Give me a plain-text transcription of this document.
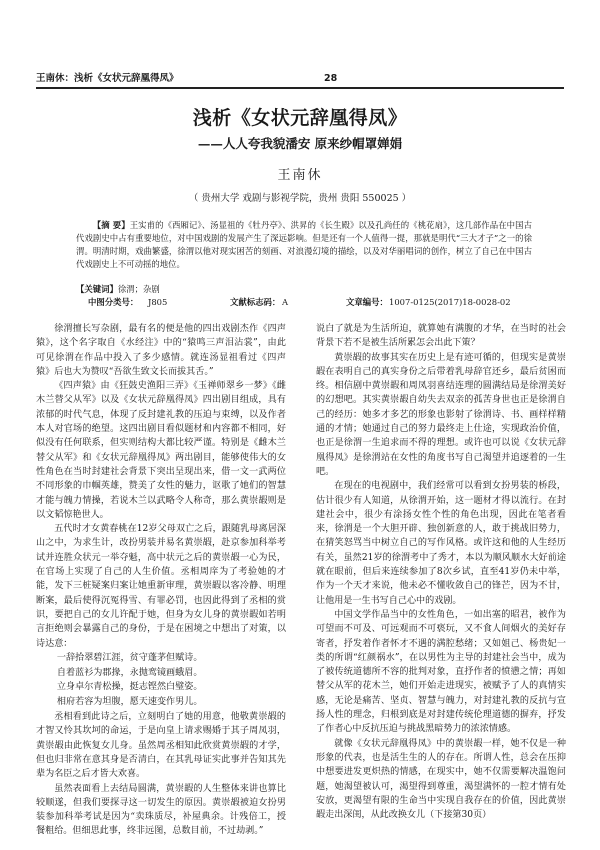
王南休：浅析《女状元辞凰得凤》	28
浅析《女状元辞凰得凤》
——人人夸我貌潘安 原来纱帽罩婵娟
王南休
（ 贵州大学 戏剧与影视学院，贵州 贵阳 550025 ）
【摘 要】王实甫的《西厢记》、汤显祖的《牡丹亭》、洪昇的《长生殿》以及孔尚任的《桃花扇》，这几部作品在中国古代戏剧史中占有重要地位，对中国戏剧的发展产生了深远影响。但是还有一个人值得一提，那就是明代“三大才子”之一的徐渭。明清时期，戏曲繁盛，徐渭以他对现实困苦的刻画、对浪漫幻境的描绘，以及对华丽唱词的创作，树立了自己在中国古代戏剧史上不可动摇的地位。
【关键词】徐渭；杂剧
中图分类号： J805	文献标志码： A	文章编号： 1007-0125(2017)18-0028-02

徐渭擅长写杂剧，最有名的便是他的四出戏剧杰作《四声猿》，这个名字取自《水经注》中的“猿鸣三声泪沾裳”，由此可见徐渭在作品中投入了多少感情。就连汤显祖看过《四声猿》后也大为赞叹“吾欲生致文长而拔其舌。”

《四声猿》由《狂鼓史渔阳三弄》《玉禅师翠乡一梦》《雌木兰替父从军》以及《女状元辞凰得凤》四出剧目组成，具有浓郁的时代气息，体现了反封建礼教的压迫与束缚，以及作者本人对官场的绝望。这四出剧目看似题材和内容都不相同，好似没有任何联系，但实则结构大都比较严谨。特别是《雌木兰替父从军》和《女状元辞凰得凤》两出剧目，能够使伟大的女性角色在当时封建社会背景下突出呈现出来，借一文一武两位不同形象的巾帼英雄，赞美了女性的魅力，讴歌了她们的智慧才能与魄力情操，若说木兰以武略令人称奇，那么黄崇嘏则是以文韬惊艳世人。

五代时才女黄春桃在12岁父母双亡之后，跟随乳母离居深山之中，为求生计，改扮男装并易名黄崇嘏，赴京参加科举考试并连胜众状元一举夺魁，高中状元之后的黄崇嘏一心为民，在官场上实现了自己的人生价值。丞相周庠为了考验她的才能，发下三桩疑案归案让她重新审理，黄崇嘏以客冷静、明理断案，最后使得沉冤得雪、有罪必罚，也因此得到了丞相的赏识，要把自己的女儿许配于她，但身为女儿身的黄崇嘏如若明言拒绝则会暴露自己的身份，于是在困境之中想出了对策，以诗达意：

一辞拾翠碧江涯，贫守蓬茅但赋诗。
自着蓝衫为郡掾，永抛鸾镜画蛾眉。
立身卓尔青松操，挺志铿然白璧姿。
相府若容为坦腹，愿天速变作男儿。

丞相看到此诗之后，立刻明白了她的用意，他敬黄崇嘏的才智又怜其坎坷的命运，于是向皇上请求赐婚于其子周凤羽，黄崇嘏由此恢复女儿身。虽然周丞相知此欣赏黄崇嘏的才学，但也归非常在意其身是否清白，在其乳母证实此事并告知其先辈为名臣之后才皆大欢喜。

虽然表面看上去结局圆满，黄崇嘏的人生整体来讲也算比较顺遂，但我们要探寻这一切发生的原因。黄崇嘏被迫女扮男装参加科举考试是因为“卖珠质尽，补屋典余。计残倍工，授餐粗给。但细思此事，终非远图，总数目前，不过劫剥。”

说白了就是为生活所迫，就算她有满腹的才华，在当时的社会背景下若不是被生活所累怎会出此下策？

黄崇嘏的故事其实在历史上是有迹可循的，但现实是黄崇嘏在表明自己的真实身份之后带着乳母辞官还乡，最后贫困而终。相信剧中黄崇嘏和周凤羽喜结连理的圆满结局是徐渭美好的幻想吧。其实黄崇嘏自幼失去双亲的孤苦身世也正是徐渭自己的经历：她多才多艺的形象也影射了徐渭诗、书、画样样精通的才情；她通过自己的努力最终走上仕途，实现政治价值，也正是徐渭一生追求而不得的理想。或许也可以说《女状元辞凰得凤》是徐渭站在女性的角度书写自己渴望并追逐着的一生吧。

在现在的电视剧中，我们经常可以看到女扮男装的桥段，估计很少有人知道，从徐渭开始，这一题材才得以流行。在封建社会中，很少有涂扬女性个性的角色出现，因此在笔者看来，徐渭是一个大胆开辟、独创新意的人，敢于挑战旧势力，在猜笑怒骂当中树立自己的写作风格。或许这和他的人生经历有关，虽然21岁的徐渭考中了秀才，本以为顺风顺水大好前途就在眼前，但后来连续参加了8次乡试，直至41岁仍未中举，作为一个天才来说，他未必不懂收敛自己的锋芒，因为不甘，让他用是一生书写自己心中的戏剧。

中国文学作品当中的女性角色，一如出塞的昭君，被作为可望而不可及、可远观而不可亵玩，又不食人间烟火的美好存寄者，抒发着作者怀才不遇的满腔愁绪；又如姐己、杨贵妃一类的所谓“红颜祸水”，在以男性为主导的封建社会当中，成为了被传统道德所不容的批判对象，直抒作者的愤懑之情；再如替父从军的花木兰，她们开始走进现实，被赋予了人的真情实感，无论是痛苦、坚贞、智慧与魄力，对封建礼教的反抗与宣扬人性的理念，归根到底是对封建传统伦理道德的摒弃，抒发了作者心中反抗压迫与挑战黑暗势力的浓浓情感。

就像《女状元辞凰得凤》中的黄崇嘏一样，她不仅是一种形象的代表，也是活生生的人的存在。所谓人性，总会在压抑中想要进发更炽热的情感，在现实中，她不仅需要解决温饱问题，她渴望被认可，渴望得到尊重，渴望满怀的一腔才情有处安放，更渴望有限的生命当中实现自我存在的价值，因此黄崇嘏走出深闺，从此改换女儿（下接第30页）
